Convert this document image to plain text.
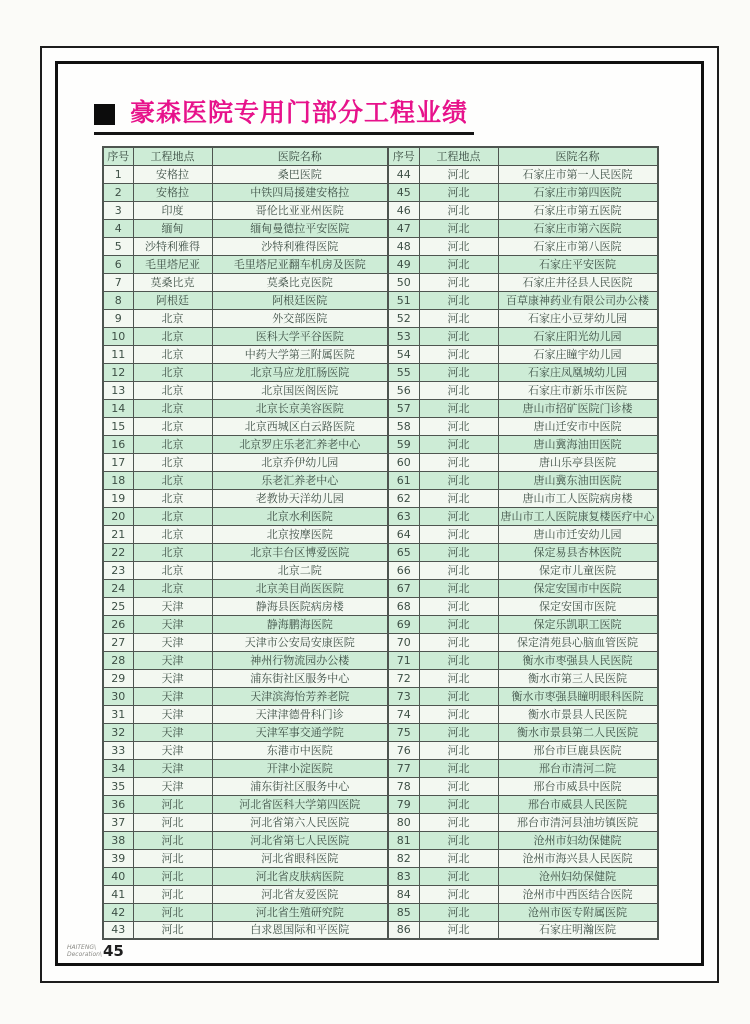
豪森医院专用门部分工程业绩
序号	工程地点	医院名称	序号	工程地点	医院名称
1	安格拉	桑巴医院	44	河北	石家庄市第一人民医院
2	安格拉	中铁四局援建安格拉	45	河北	石家庄市第四医院
3	印度	哥伦比亚亚州医院	46	河北	石家庄市第五医院
4	缅甸	缅甸曼德拉平安医院	47	河北	石家庄市第六医院
5	沙特利雅得	沙特利雅得医院	48	河北	石家庄市第八医院
6	毛里塔尼亚	毛里塔尼亚翻车机房及医院	49	河北	石家庄平安医院
7	莫桑比克	莫桑比克医院	50	河北	石家庄井径县人民医院
8	阿根廷	阿根廷医院	51	河北	百草康神药业有限公司办公楼
9	北京	外交部医院	52	河北	石家庄小豆芽幼儿园
10	北京	医科大学平谷医院	53	河北	石家庄阳光幼儿园
11	北京	中药大学第三附属医院	54	河北	石家庄瞳宇幼儿园
12	北京	北京马应龙肛肠医院	55	河北	石家庄凤凰城幼儿园
13	北京	北京国医阁医院	56	河北	石家庄市新乐市医院
14	北京	北京长京美容医院	57	河北	唐山市招矿医院门诊楼
15	北京	北京西城区白云路医院	58	河北	唐山迁安市中医院
16	北京	北京罗庄乐老汇养老中心	59	河北	唐山冀海油田医院
17	北京	北京乔伊幼儿园	60	河北	唐山乐亭县医院
18	北京	乐老汇养老中心	61	河北	唐山冀东油田医院
19	北京	老教协天洋幼儿园	62	河北	唐山市工人医院病房楼
20	北京	北京水利医院	63	河北	唐山市工人医院康复楼医疗中心
21	北京	北京按摩医院	64	河北	唐山市迁安幼儿园
22	北京	北京丰台区博爱医院	65	河北	保定易县杏林医院
23	北京	北京二院	66	河北	保定市儿童医院
24	北京	北京美目尚医医院	67	河北	保定安国市中医院
25	天津	静海县医院病房楼	68	河北	保定安国市医院
26	天津	静海鹏海医院	69	河北	保定乐凯职工医院
27	天津	天津市公安局安康医院	70	河北	保定清苑县心脑血管医院
28	天津	神州行物流园办公楼	71	河北	衡水市枣强县人民医院
29	天津	浦东街社区服务中心	72	河北	衡水市第三人民医院
30	天津	天津滨海怡芳养老院	73	河北	衡水市枣强县瞳明眼科医院
31	天津	天津津德骨科门诊	74	河北	衡水市景县人民医院
32	天津	天津军事交通学院	75	河北	衡水市景县第二人民医院
33	天津	东港市中医院	76	河北	邢台市巨鹿县医院
34	天津	开津小淀医院	77	河北	邢台市清河二院
35	天津	浦东街社区服务中心	78	河北	邢台市威县中医院
36	河北	河北省医科大学第四医院	79	河北	邢台市威县人民医院
37	河北	河北省第六人民医院	80	河北	邢台市清河县油坊镇医院
38	河北	河北省第七人民医院	81	河北	沧州市妇幼保健院
39	河北	河北省眼科医院	82	河北	沧州市海兴县人民医院
40	河北	河北省皮肤病医院	83	河北	沧州妇幼保健院
41	河北	河北省友爱医院	84	河北	沧州市中西医结合医院
42	河北	河北省生殖研究院	85	河北	沧州市医专附属医院
43	河北	白求恩国际和平医院	86	河北	石家庄明瀚医院
HAITENG\
Decoration\ 45
